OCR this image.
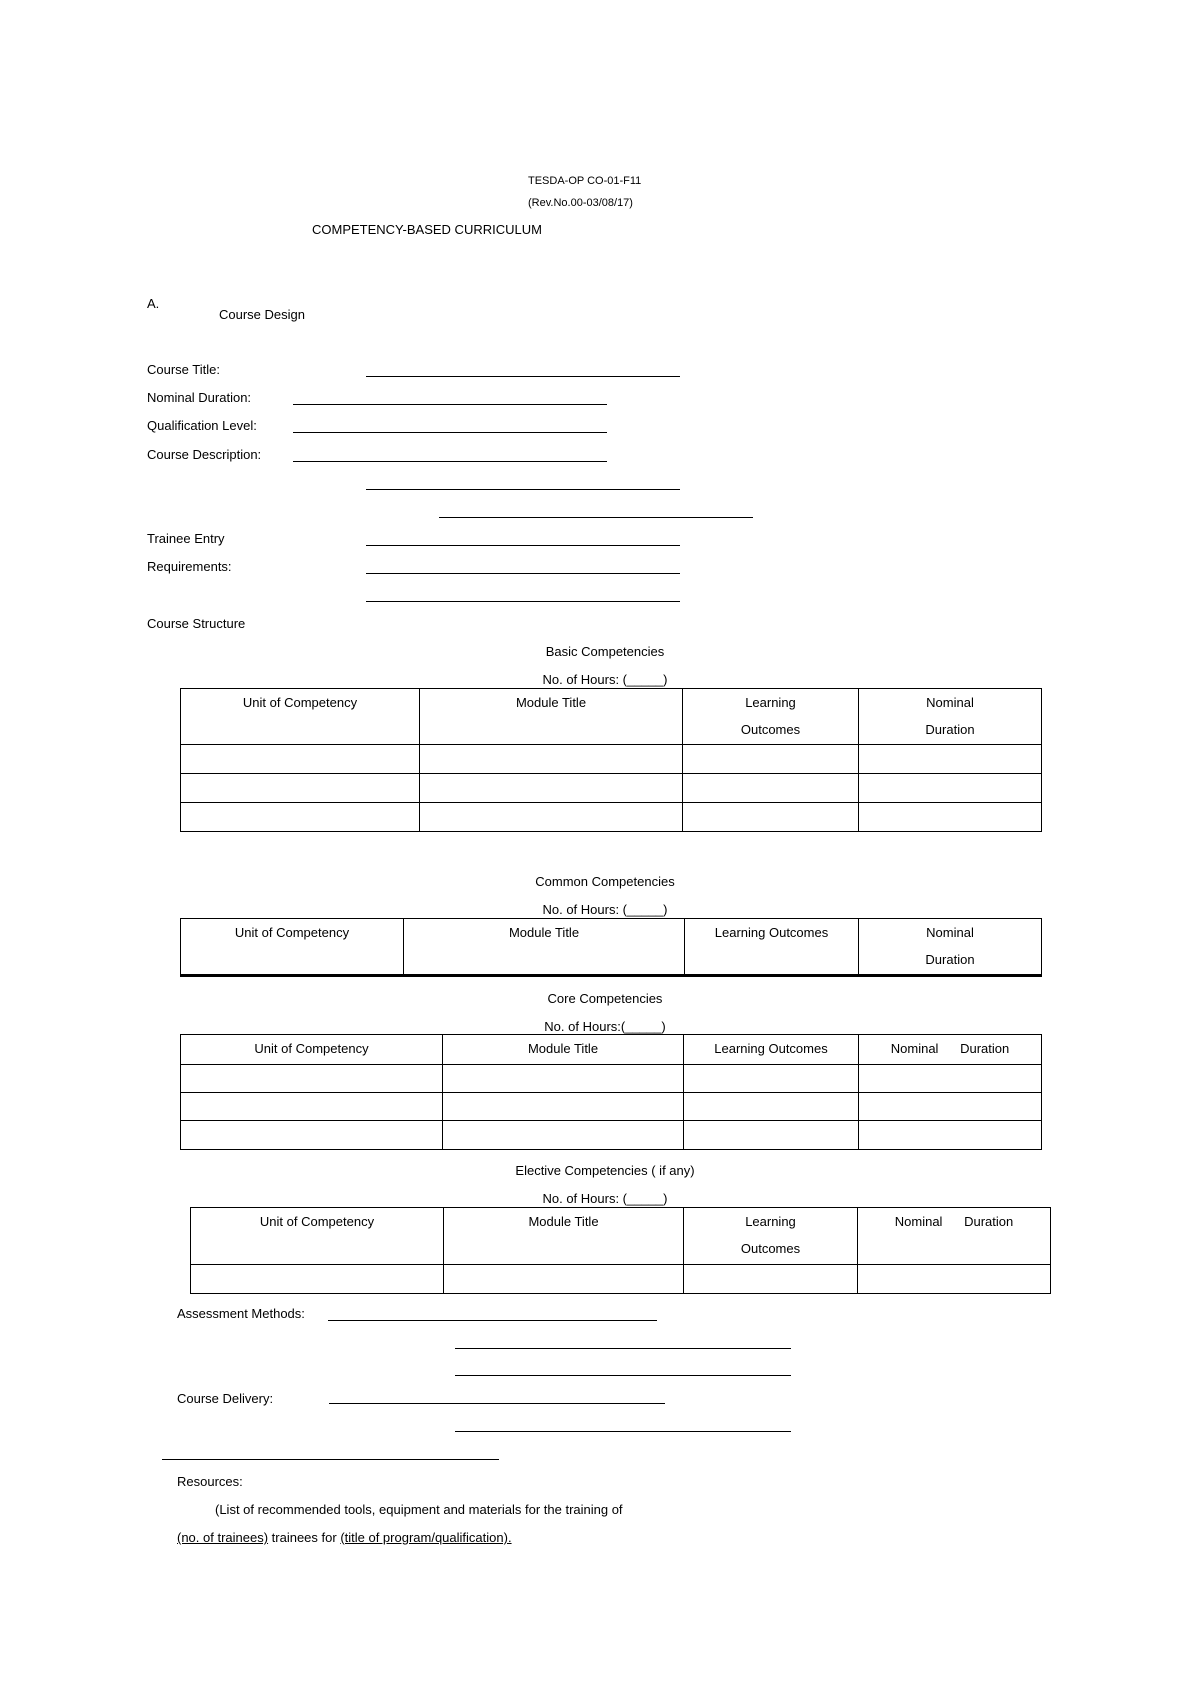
TESDA-OP CO-01-F11
(Rev.No.00-03/08/17)
COMPETENCY-BASED CURRICULUM
A.
Course Design
Course Title:
Nominal Duration:
Qualification Level:
Course Description:
Trainee Entry
Requirements:
Course Structure
Basic Competencies
No. of Hours: (_____)
Unit of Competency	Module Title	Learning
Outcomes	Nominal
Duration

Common Competencies
No. of Hours: (_____)
Unit of Competency	Module Title	Learning Outcomes	Nominal
Duration
Core Competencies
No. of Hours:(_____)
Unit of Competency	Module Title	Learning Outcomes	Nominal      Duration

Elective Competencies ( if any)
No. of Hours: (_____)
Unit of Competency	Module Title	Learning
Outcomes	Nominal      Duration

Assessment Methods:
Course Delivery:
Resources:
(List of recommended tools, equipment and materials for the training of
(no. of trainees) trainees for (title of program/qualification).
